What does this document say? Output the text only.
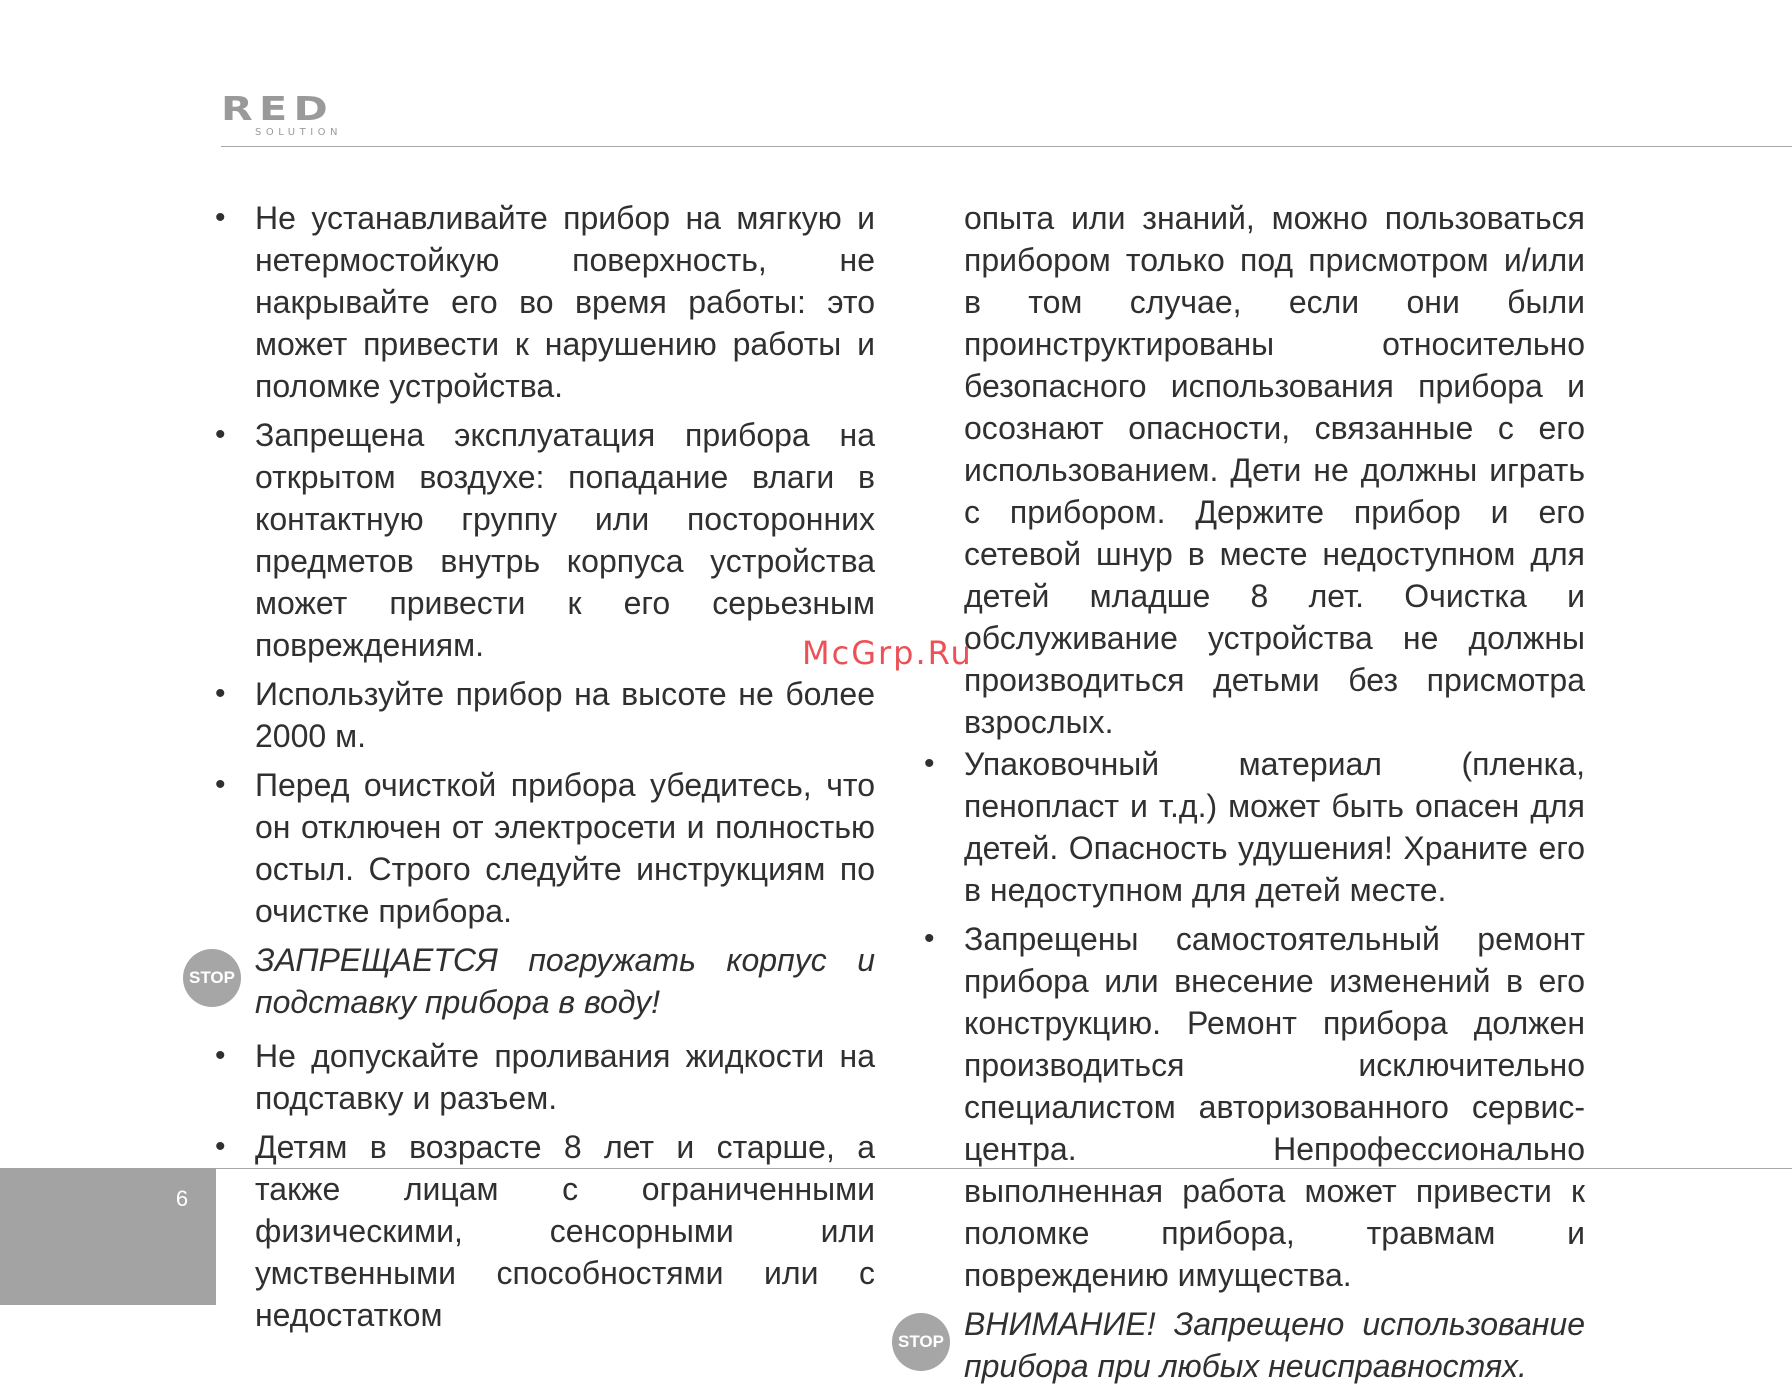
RED
SOLUTION
• Не устанавливайте прибор на мягкую и нетермостойкую поверхность, не накрывайте его во время работы: это может привести к нарушению работы и поломке устройства.
• Запрещена эксплуатация прибора на открытом воздухе: попадание влаги в контактную группу или посторонних предметов внутрь корпуса устройства может привести к его серьезным повреждениям.
• Используйте прибор на высоте не более 2000 м.
• Перед очисткой прибора убедитесь, что он отключен от электросети и полностью остыл. Строго следуйте инструкциям по очистке прибора.
STOP ЗАПРЕЩАЕТСЯ погружать корпус и подставку прибора в воду!
• Не допускайте проливания жидкости на подставку и разъем.
• Детям в возрасте 8 лет и старше, а также лицам с ограниченными физическими, сенсорными или умственными способностями или с недостатком

опыта или знаний, можно пользоваться прибором только под присмотром и/или в том случае, если они были проинструктированы относительно безопасного использования прибора и осознают опасности, связанные с его использованием. Дети не должны играть с прибором. Держите прибор и его сетевой шнур в месте недоступном для детей младше 8 лет. Очистка и обслуживание устройства не должны производиться детьми без присмотра взрослых.

• Упаковочный материал (пленка, пенопласт и т.д.) может быть опасен для детей. Опасность удушения! Храните его в недоступном для детей месте.
• Запрещены самостоятельный ремонт прибора или внесение изменений в его конструкцию. Ремонт прибора должен производиться исключительно специалистом авторизованного сервис-центра. Непрофессионально выполненная работа может привести к поломке прибора, травмам и повреждению имущества.
STOP ВНИМАНИЕ! Запрещено использование прибора при любых неисправностях.
McGrp.Ru
6
